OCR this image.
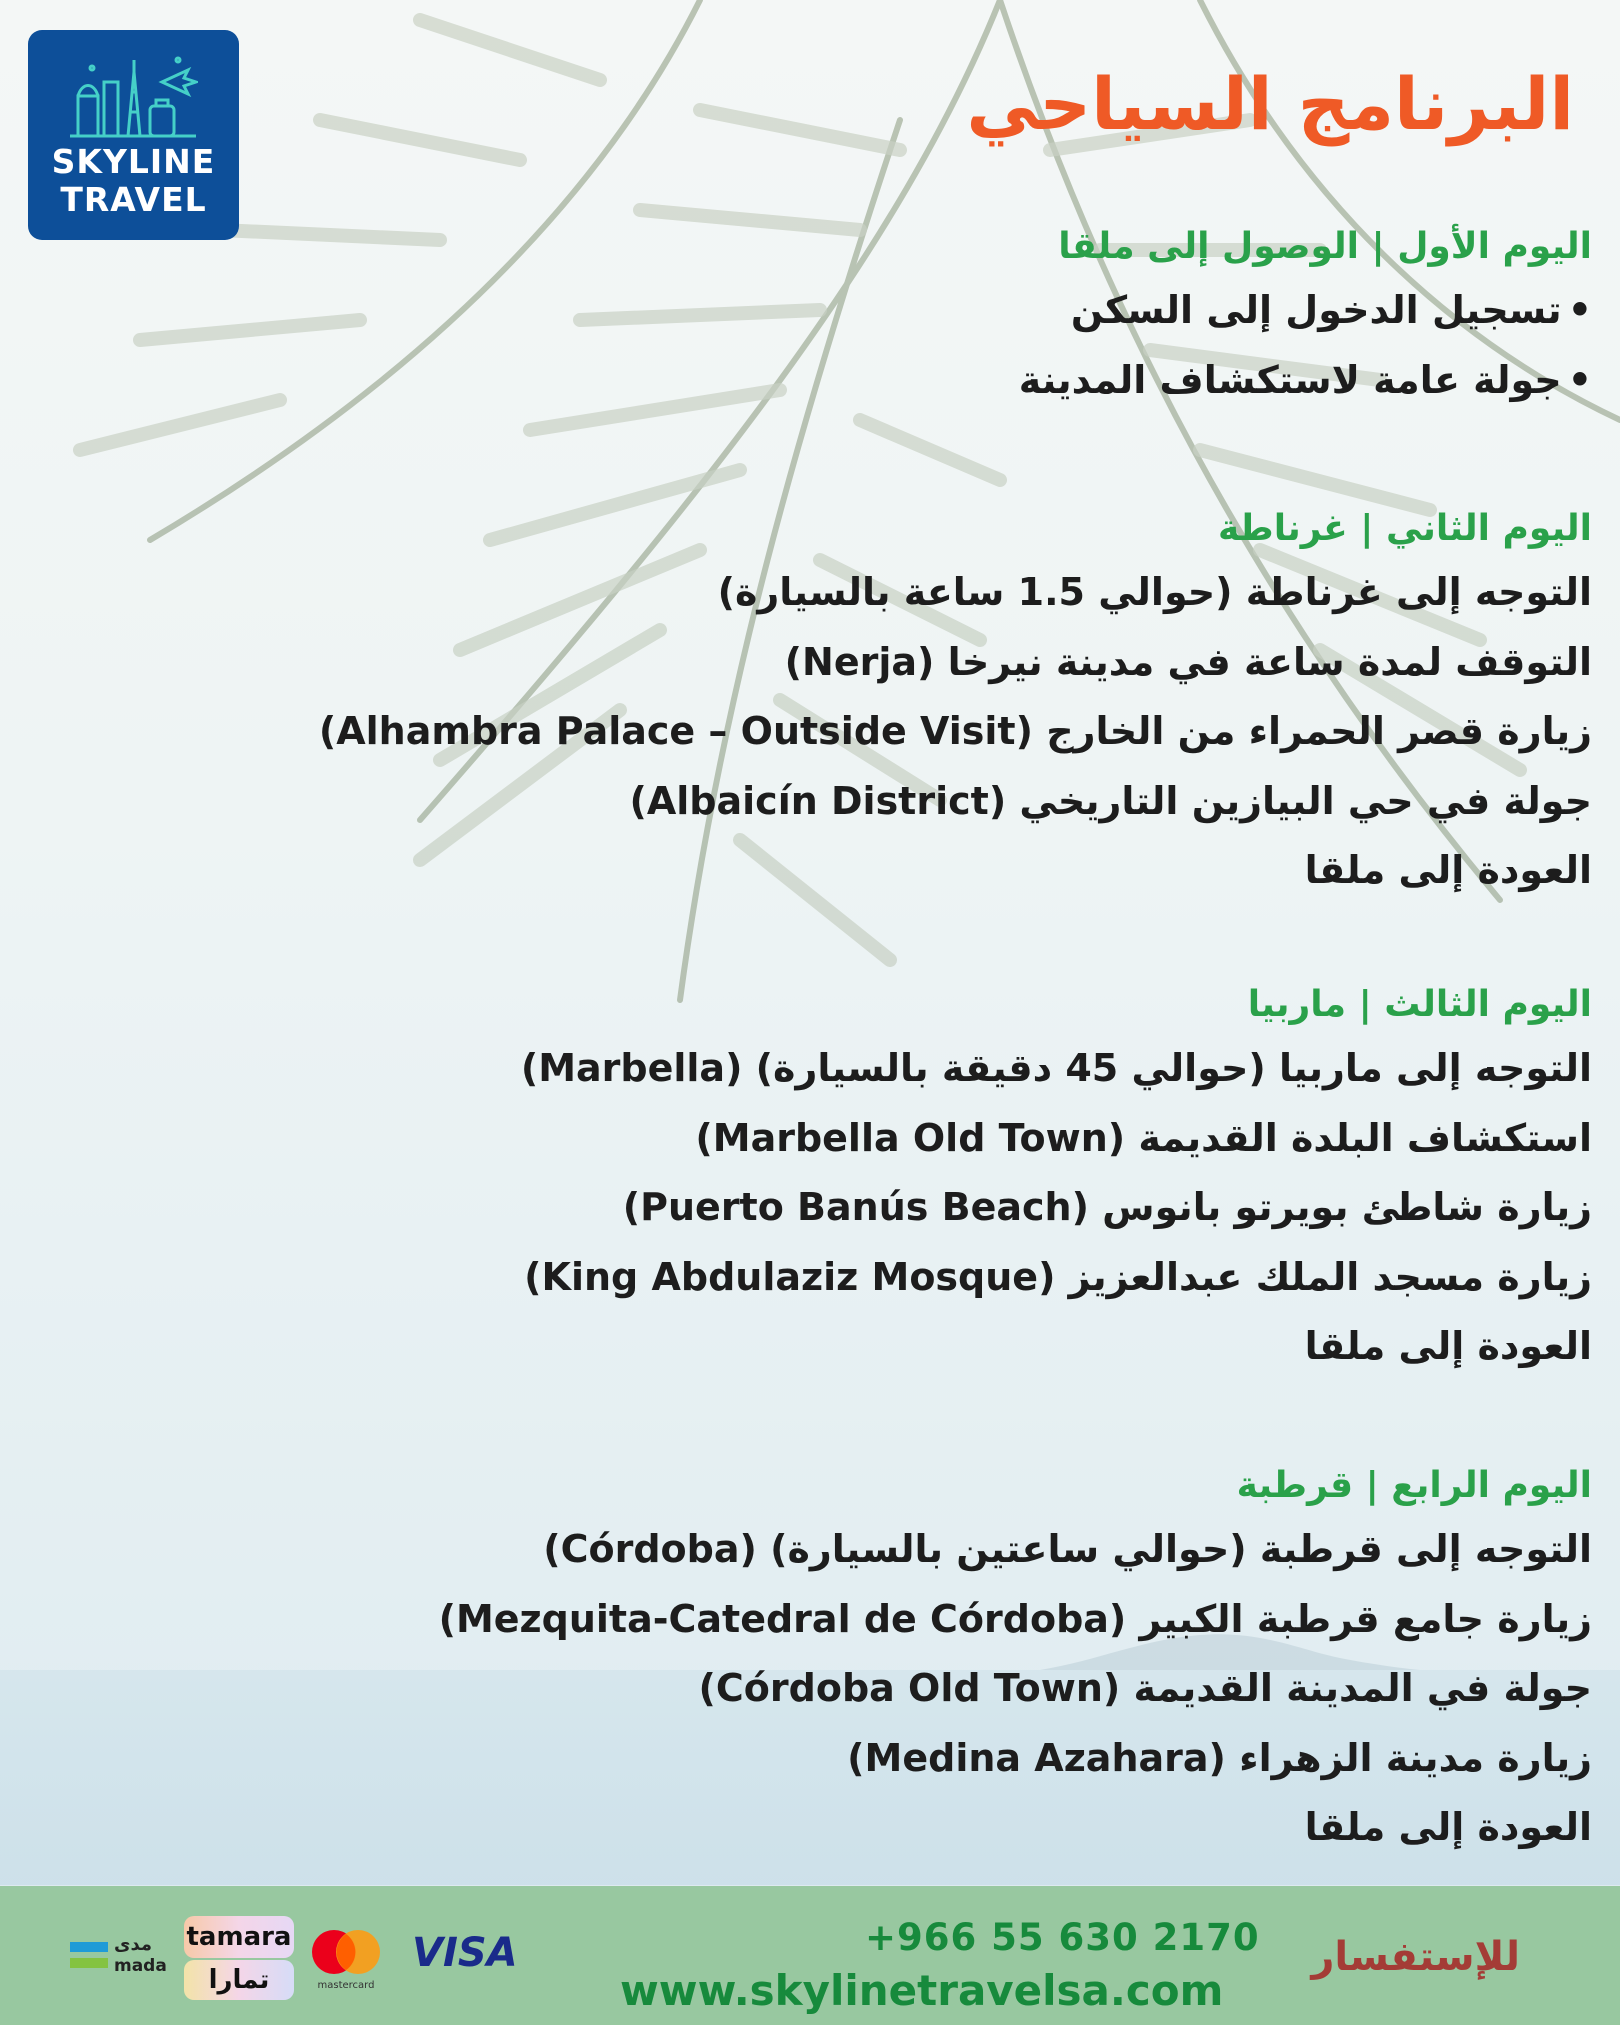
SKYLINE
TRAVEL
البرنامج السياحي

اليوم الأول | الوصول إلى ملقا

•تسجيل الدخول إلى السكن

•جولة عامة لاستكشاف المدينة

اليوم الثاني | غرناطة

التوجه إلى غرناطة (حوالي 1.5 ساعة بالسيارة)

التوقف لمدة ساعة في مدينة نيرخا (Nerja)

زيارة قصر الحمراء من الخارج (Alhambra Palace – Outside Visit)

جولة في حي البيازين التاريخي (Albaicín District)

العودة إلى ملقا

اليوم الثالث | ماربيا

التوجه إلى ماربيا (حوالي 45 دقيقة بالسيارة) (Marbella)

استكشاف البلدة القديمة (Marbella Old Town)

زيارة شاطئ بويرتو بانوس (Puerto Banús Beach)

زيارة مسجد الملك عبدالعزيز (King Abdulaziz Mosque)

العودة إلى ملقا

اليوم الرابع | قرطبة

التوجه إلى قرطبة (حوالي ساعتين بالسيارة) (Córdoba)

زيارة جامع قرطبة الكبير (Mezquita-Catedral de Córdoba)

جولة في المدينة القديمة (Córdoba Old Town)

زيارة مدينة الزهراء (Medina Azahara)

العودة إلى ملقا

مدى
mada
tamara
تمارا	mastercard
VISA
www.skylinetravelsa.com
+966 55 630 2170 للإستفسار
